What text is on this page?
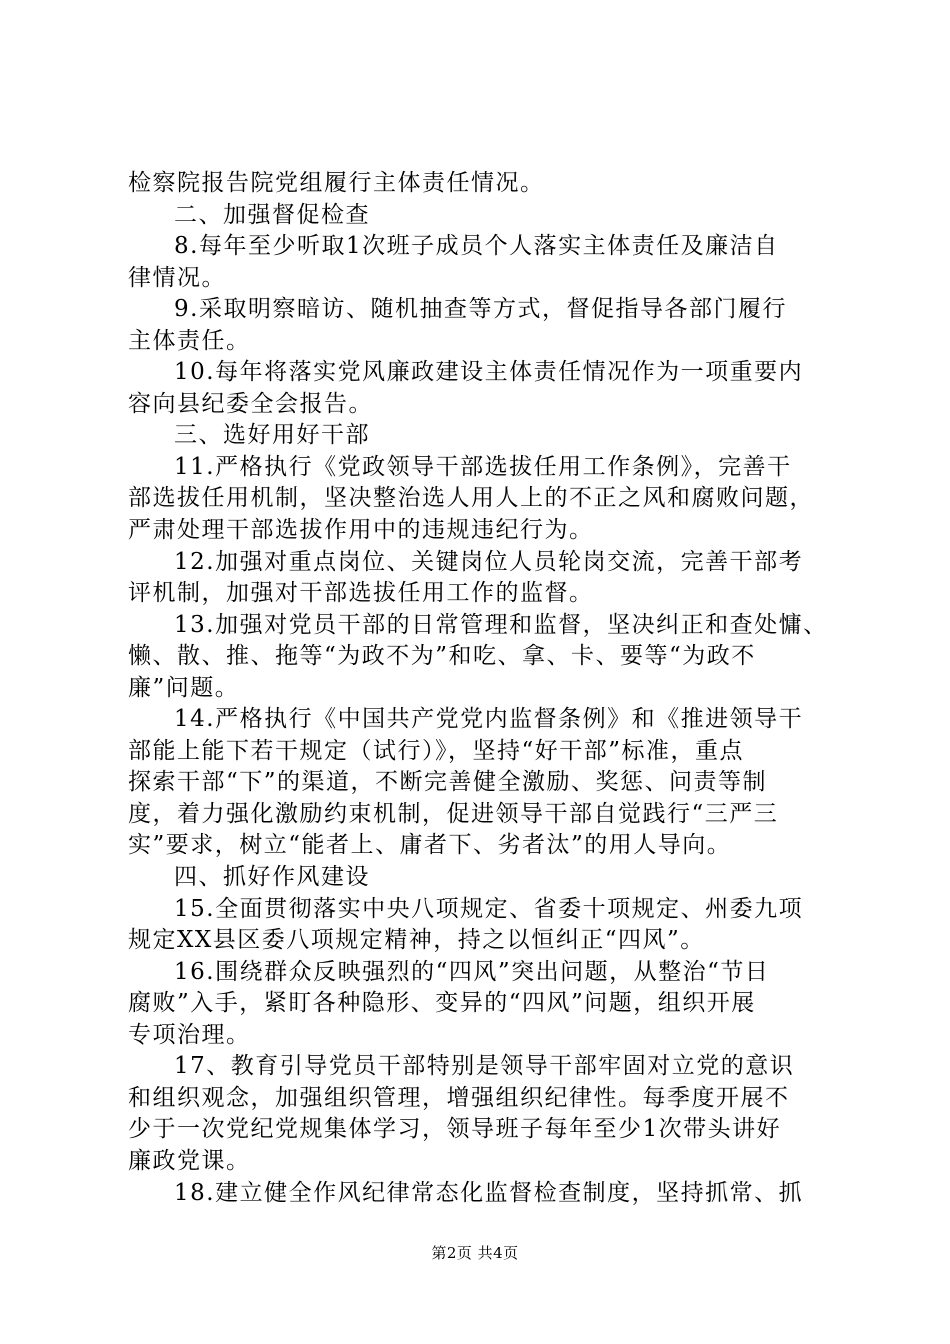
检察院报告院党组履行主体责任情况。
二、加强督促检查
8.每年至少听取1次班子成员个人落实主体责任及廉洁自
律情况。
9.采取明察暗访、随机抽查等方式，督促指导各部门履行
主体责任。
10.每年将落实党风廉政建设主体责任情况作为一项重要内
容向县纪委全会报告。
三、选好用好干部
11.严格执行《党政领导干部选拔任用工作条例》，完善干
部选拔任用机制，坚决整治选人用人上的不正之风和腐败问题，
严肃处理干部选拔作用中的违规违纪行为。
12.加强对重点岗位、关键岗位人员轮岗交流，完善干部考
评机制，加强对干部选拔任用工作的监督。
13.加强对党员干部的日常管理和监督，坚决纠正和查处慵、
懒、散、推、拖等“为政不为”和吃、拿、卡、要等“为政不
廉”问题。
14.严格执行《中国共产党党内监督条例》和《推进领导干
部能上能下若干规定（试行）》，坚持“好干部”标准，重点
探索干部“下”的渠道，不断完善健全激励、奖惩、问责等制
度，着力强化激励约束机制，促进领导干部自觉践行“三严三
实”要求，树立“能者上、庸者下、劣者汰”的用人导向。
四、抓好作风建设
15.全面贯彻落实中央八项规定、省委十项规定、州委九项
规定XX县区委八项规定精神，持之以恒纠正“四风”。
16.围绕群众反映强烈的“四风”突出问题，从整治“节日
腐败”入手，紧盯各种隐形、变异的“四风”问题，组织开展
专项治理。
17、教育引导党员干部特别是领导干部牢固对立党的意识
和组织观念，加强组织管理，增强组织纪律性。每季度开展不
少于一次党纪党规集体学习，领导班子每年至少1次带头讲好
廉政党课。
18.建立健全作风纪律常态化监督检查制度，坚持抓常、抓
第2页 共4页
